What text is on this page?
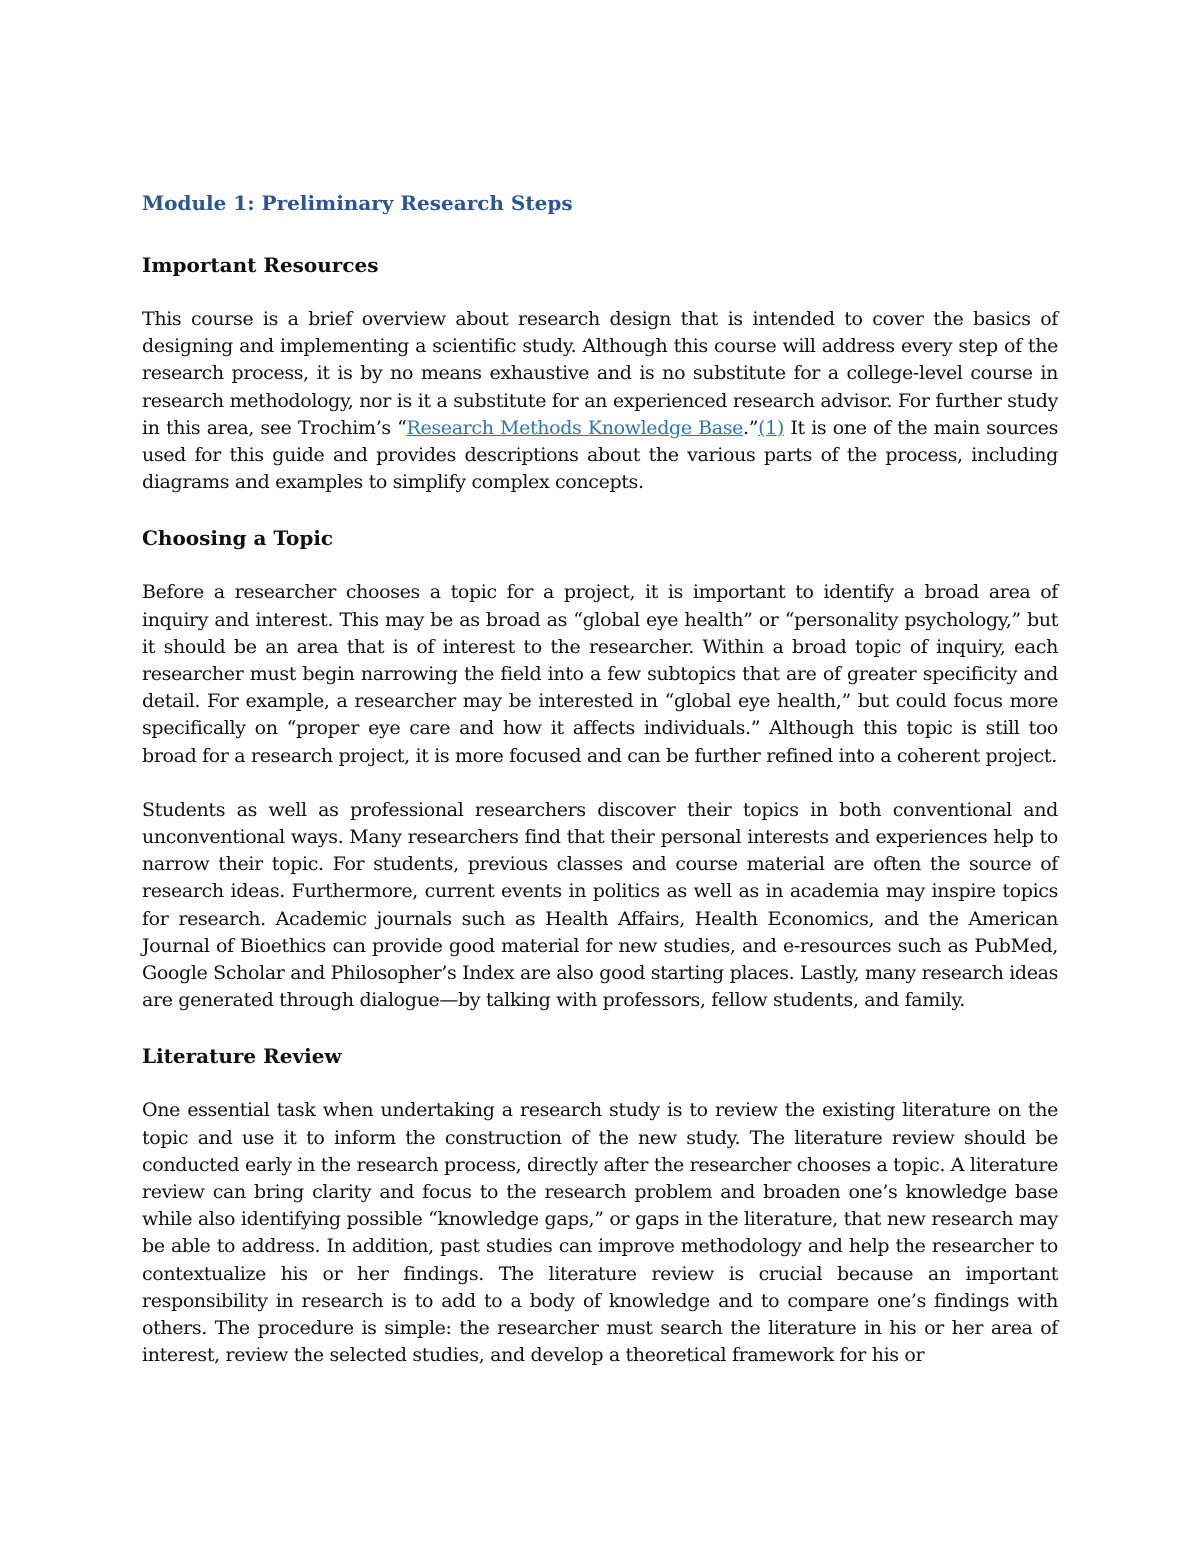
Module 1: Preliminary Research Steps
Important Resources

This course is a brief overview about research design that is intended to cover the basics of designing and implementing a scientific study. Although this course will address every step of the research process, it is by no means exhaustive and is no substitute for a college-level course in research methodology, nor is it a substitute for an experienced research advisor. For further study in this area, see Trochim’s “Research Methods Knowledge Base.”(1) It is one of the main sources used for this guide and provides descriptions about the various parts of the process, including diagrams and examples to simplify complex concepts.

Choosing a Topic

Before a researcher chooses a topic for a project, it is important to identify a broad area of inquiry and interest. This may be as broad as “global eye health” or “personality psychology,” but it should be an area that is of interest to the researcher. Within a broad topic of inquiry, each researcher must begin narrowing the field into a few subtopics that are of greater specificity and detail. For example, a researcher may be interested in “global eye health,” but could focus more specifically on “proper eye care and how it affects individuals.” Although this topic is still too broad for a research project, it is more focused and can be further refined into a coherent project.

Students as well as professional researchers discover their topics in both conventional and unconventional ways. Many researchers find that their personal interests and experiences help to narrow their topic. For students, previous classes and course material are often the source of research ideas. Furthermore, current events in politics as well as in academia may inspire topics for research. Academic journals such as Health Affairs, Health Economics, and the American Journal of Bioethics can provide good material for new studies, and e-resources such as PubMed, Google Scholar and Philosopher’s Index are also good starting places. Lastly, many research ideas are generated through dialogue—by talking with professors, fellow students, and family.

Literature Review

One essential task when undertaking a research study is to review the existing literature on the topic and use it to inform the construction of the new study. The literature review should be conducted early in the research process, directly after the researcher chooses a topic. A literature review can bring clarity and focus to the research problem and broaden one’s knowledge base while also identifying possible “knowledge gaps,” or gaps in the literature, that new research may be able to address. In addition, past studies can improve methodology and help the researcher to contextualize his or her findings. The literature review is crucial because an important responsibility in research is to add to a body of knowledge and to compare one’s findings with others. The procedure is simple: the researcher must search the literature in his or her area of interest, review the selected studies, and develop a theoretical framework for his or
